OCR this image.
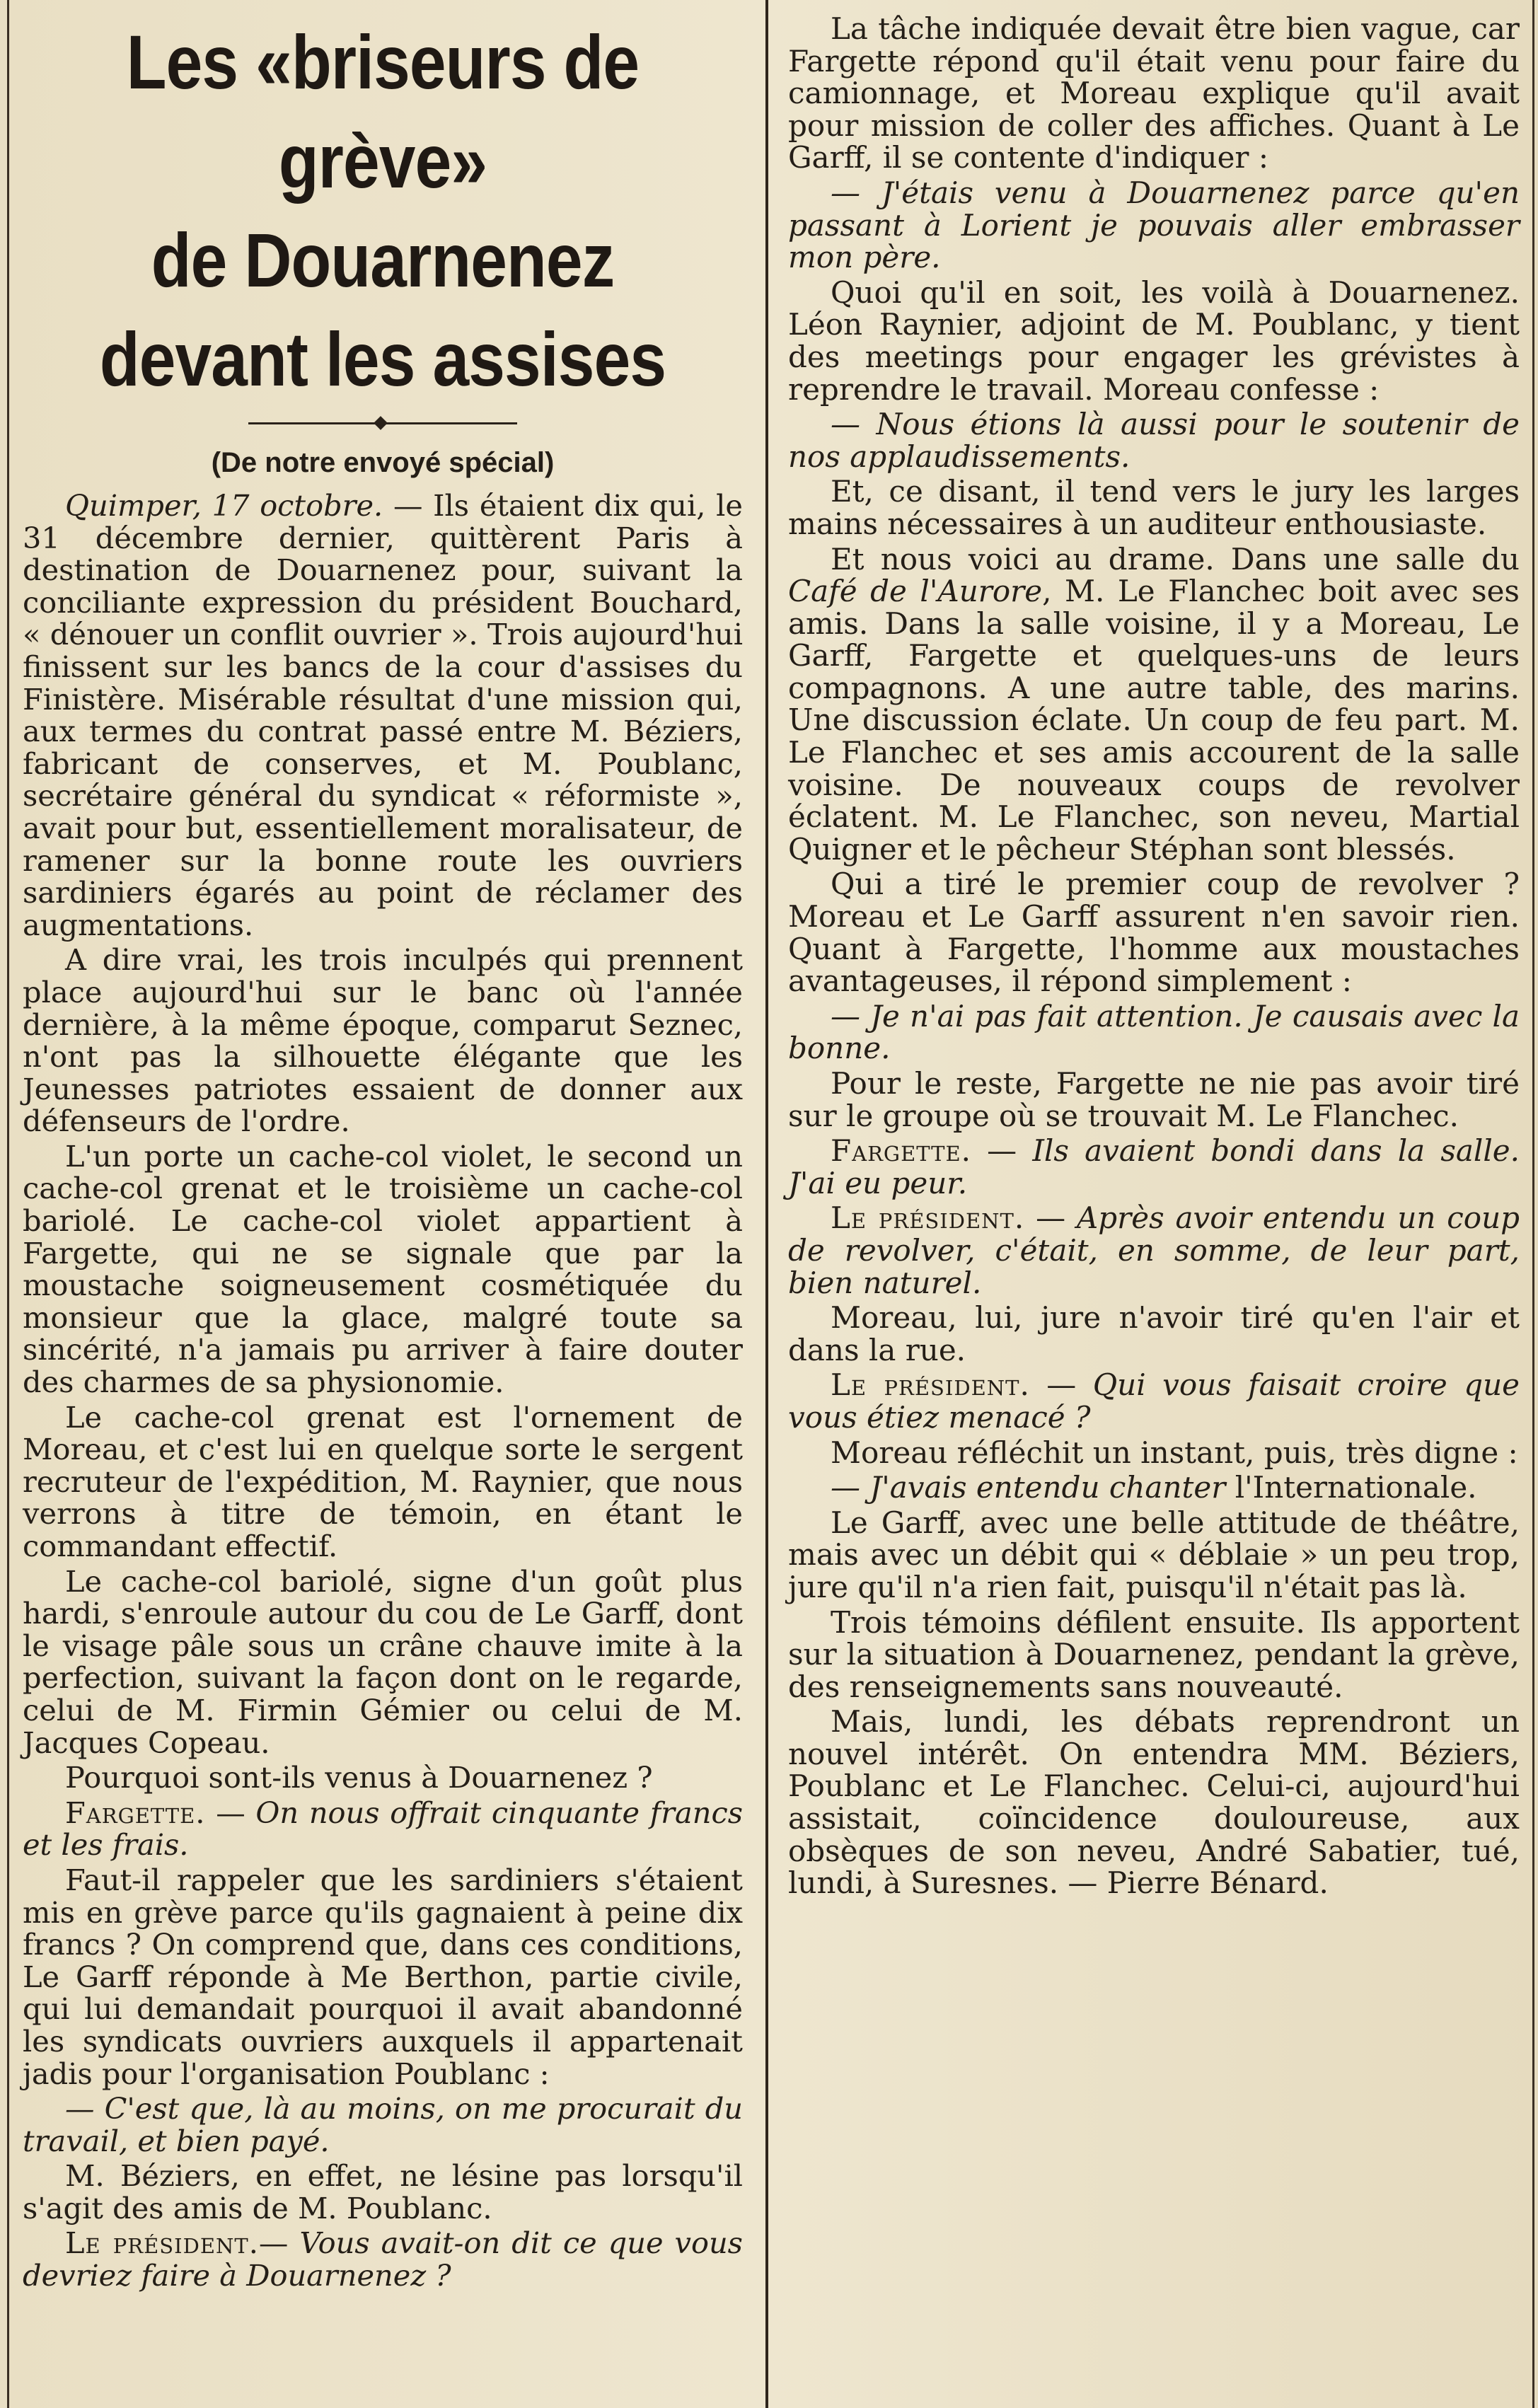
Les «briseurs de grève»
de Douarnenez
devant les assises
(De notre envoyé spécial)

Quimper, 17 octobre. — Ils étaient dix qui, le 31 décembre dernier, quittèrent Paris à destination de Douarnenez pour, suivant la conciliante expression du président Bouchard, « dénouer un conflit ouvrier ». Trois aujourd'hui finissent sur les bancs de la cour d'assises du Finistère. Misérable résultat d'une mission qui, aux termes du contrat passé entre M. Béziers, fabricant de conserves, et M. Poublanc, secrétaire général du syndicat « réformiste », avait pour but, essentiellement moralisateur, de ramener sur la bonne route les ouvriers sardiniers égarés au point de réclamer des augmentations.

A dire vrai, les trois inculpés qui prennent place aujourd'hui sur le banc où l'année dernière, à la même époque, comparut Seznec, n'ont pas la silhouette élégante que les Jeunesses patriotes essaient de donner aux défenseurs de l'ordre.

L'un porte un cache-col violet, le second un cache-col grenat et le troisième un cache-col bariolé. Le cache-col violet appartient à Fargette, qui ne se signale que par la moustache soigneusement cosmétiquée du monsieur que la glace, malgré toute sa sincérité, n'a jamais pu arriver à faire douter des charmes de sa physionomie.

Le cache-col grenat est l'ornement de Moreau, et c'est lui en quelque sorte le sergent recruteur de l'expédition, M. Raynier, que nous verrons à titre de témoin, en étant le commandant effectif.

Le cache-col bariolé, signe d'un goût plus hardi, s'enroule autour du cou de Le Garff, dont le visage pâle sous un crâne chauve imite à la perfection, suivant la façon dont on le regarde, celui de M. Firmin Gémier ou celui de M. Jacques Copeau.

Pourquoi sont-ils venus à Douarnenez ?

Fargette. — On nous offrait cinquante francs et les frais.

Faut-il rappeler que les sardiniers s'étaient mis en grève parce qu'ils gagnaient à peine dix francs ? On comprend que, dans ces conditions, Le Garff réponde à Me Berthon, partie civile, qui lui demandait pourquoi il avait abandonné les syndicats ouvriers auxquels il appartenait jadis pour l'organisation Poublanc :

— C'est que, là au moins, on me procurait du travail, et bien payé.

M. Béziers, en effet, ne lésine pas lorsqu'il s'agit des amis de M. Poublanc.

Le président.— Vous avait-on dit ce que vous devriez faire à Douarnenez ?

La tâche indiquée devait être bien vague, car Fargette répond qu'il était venu pour faire du camionnage, et Moreau explique qu'il avait pour mission de coller des affiches. Quant à Le Garff, il se contente d'indiquer :

— J'étais venu à Douarnenez parce qu'en passant à Lorient je pouvais aller embrasser mon père.

Quoi qu'il en soit, les voilà à Douarnenez. Léon Raynier, adjoint de M. Poublanc, y tient des meetings pour engager les grévistes à reprendre le travail. Moreau confesse :

— Nous étions là aussi pour le soutenir de nos applaudissements.

Et, ce disant, il tend vers le jury les larges mains nécessaires à un auditeur enthousiaste.

Et nous voici au drame. Dans une salle du Café de l'Aurore, M. Le Flanchec boit avec ses amis. Dans la salle voisine, il y a Moreau, Le Garff, Fargette et quelques-uns de leurs compagnons. A une autre table, des marins. Une discussion éclate. Un coup de feu part. M. Le Flanchec et ses amis accourent de la salle voisine. De nouveaux coups de revolver éclatent. M. Le Flanchec, son neveu, Martial Quigner et le pêcheur Stéphan sont blessés.

Qui a tiré le premier coup de revolver ? Moreau et Le Garff assurent n'en savoir rien. Quant à Fargette, l'homme aux moustaches avantageuses, il répond simplement :

— Je n'ai pas fait attention. Je causais avec la bonne.

Pour le reste, Fargette ne nie pas avoir tiré sur le groupe où se trouvait M. Le Flanchec.

Fargette. — Ils avaient bondi dans la salle. J'ai eu peur.

Le président. — Après avoir entendu un coup de revolver, c'était, en somme, de leur part, bien naturel.

Moreau, lui, jure n'avoir tiré qu'en l'air et dans la rue.

Le président. — Qui vous faisait croire que vous étiez menacé ?

Moreau réfléchit un instant, puis, très digne :

— J'avais entendu chanter l'Internationale.

Le Garff, avec une belle attitude de théâtre, mais avec un débit qui « déblaie » un peu trop, jure qu'il n'a rien fait, puisqu'il n'était pas là.

Trois témoins défilent ensuite. Ils apportent sur la situation à Douarnenez, pendant la grève, des renseignements sans nouveauté.

Mais, lundi, les débats reprendront un nouvel intérêt. On entendra MM. Béziers, Poublanc et Le Flanchec. Celui-ci, aujourd'hui assistait, coïncidence douloureuse, aux obsèques de son neveu, André Sabatier, tué, lundi, à Suresnes. — Pierre Bénard.
